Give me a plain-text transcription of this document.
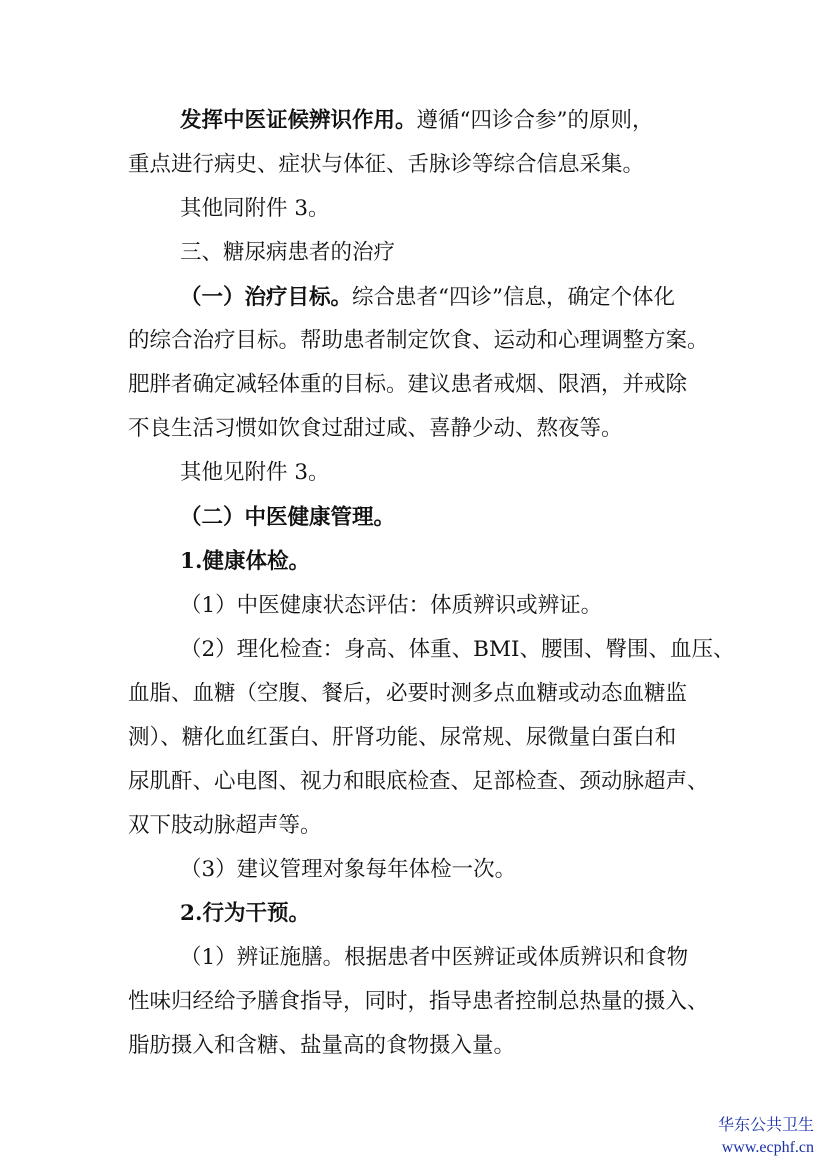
发挥中医证候辨识作用。遵循“四诊合参”的原则，
重点进行病史、症状与体征、舌脉诊等综合信息采集。
其他同附件 3。
三、糖尿病患者的治疗
（一）治疗目标。综合患者“四诊”信息，确定个体化
的综合治疗目标。帮助患者制定饮食、运动和心理调整方案。
肥胖者确定减轻体重的目标。建议患者戒烟、限酒，并戒除
不良生活习惯如饮食过甜过咸、喜静少动、熬夜等。
其他见附件 3。
（二）中医健康管理。
1.健康体检。
（1）中医健康状态评估：体质辨识或辨证。
（2）理化检查：身高、体重、BMI、腰围、臀围、血压、
血脂、血糖（空腹、餐后，必要时测多点血糖或动态血糖监
测）、糖化血红蛋白、肝肾功能、尿常规、尿微量白蛋白和
尿肌酐、心电图、视力和眼底检查、足部检查、颈动脉超声、
双下肢动脉超声等。
（3）建议管理对象每年体检一次。
2.行为干预。
（1）辨证施膳。根据患者中医辨证或体质辨识和食物
性味归经给予膳食指导，同时，指导患者控制总热量的摄入、
脂肪摄入和含糖、盐量高的食物摄入量。
华东公共卫生
www.ecphf.cn
